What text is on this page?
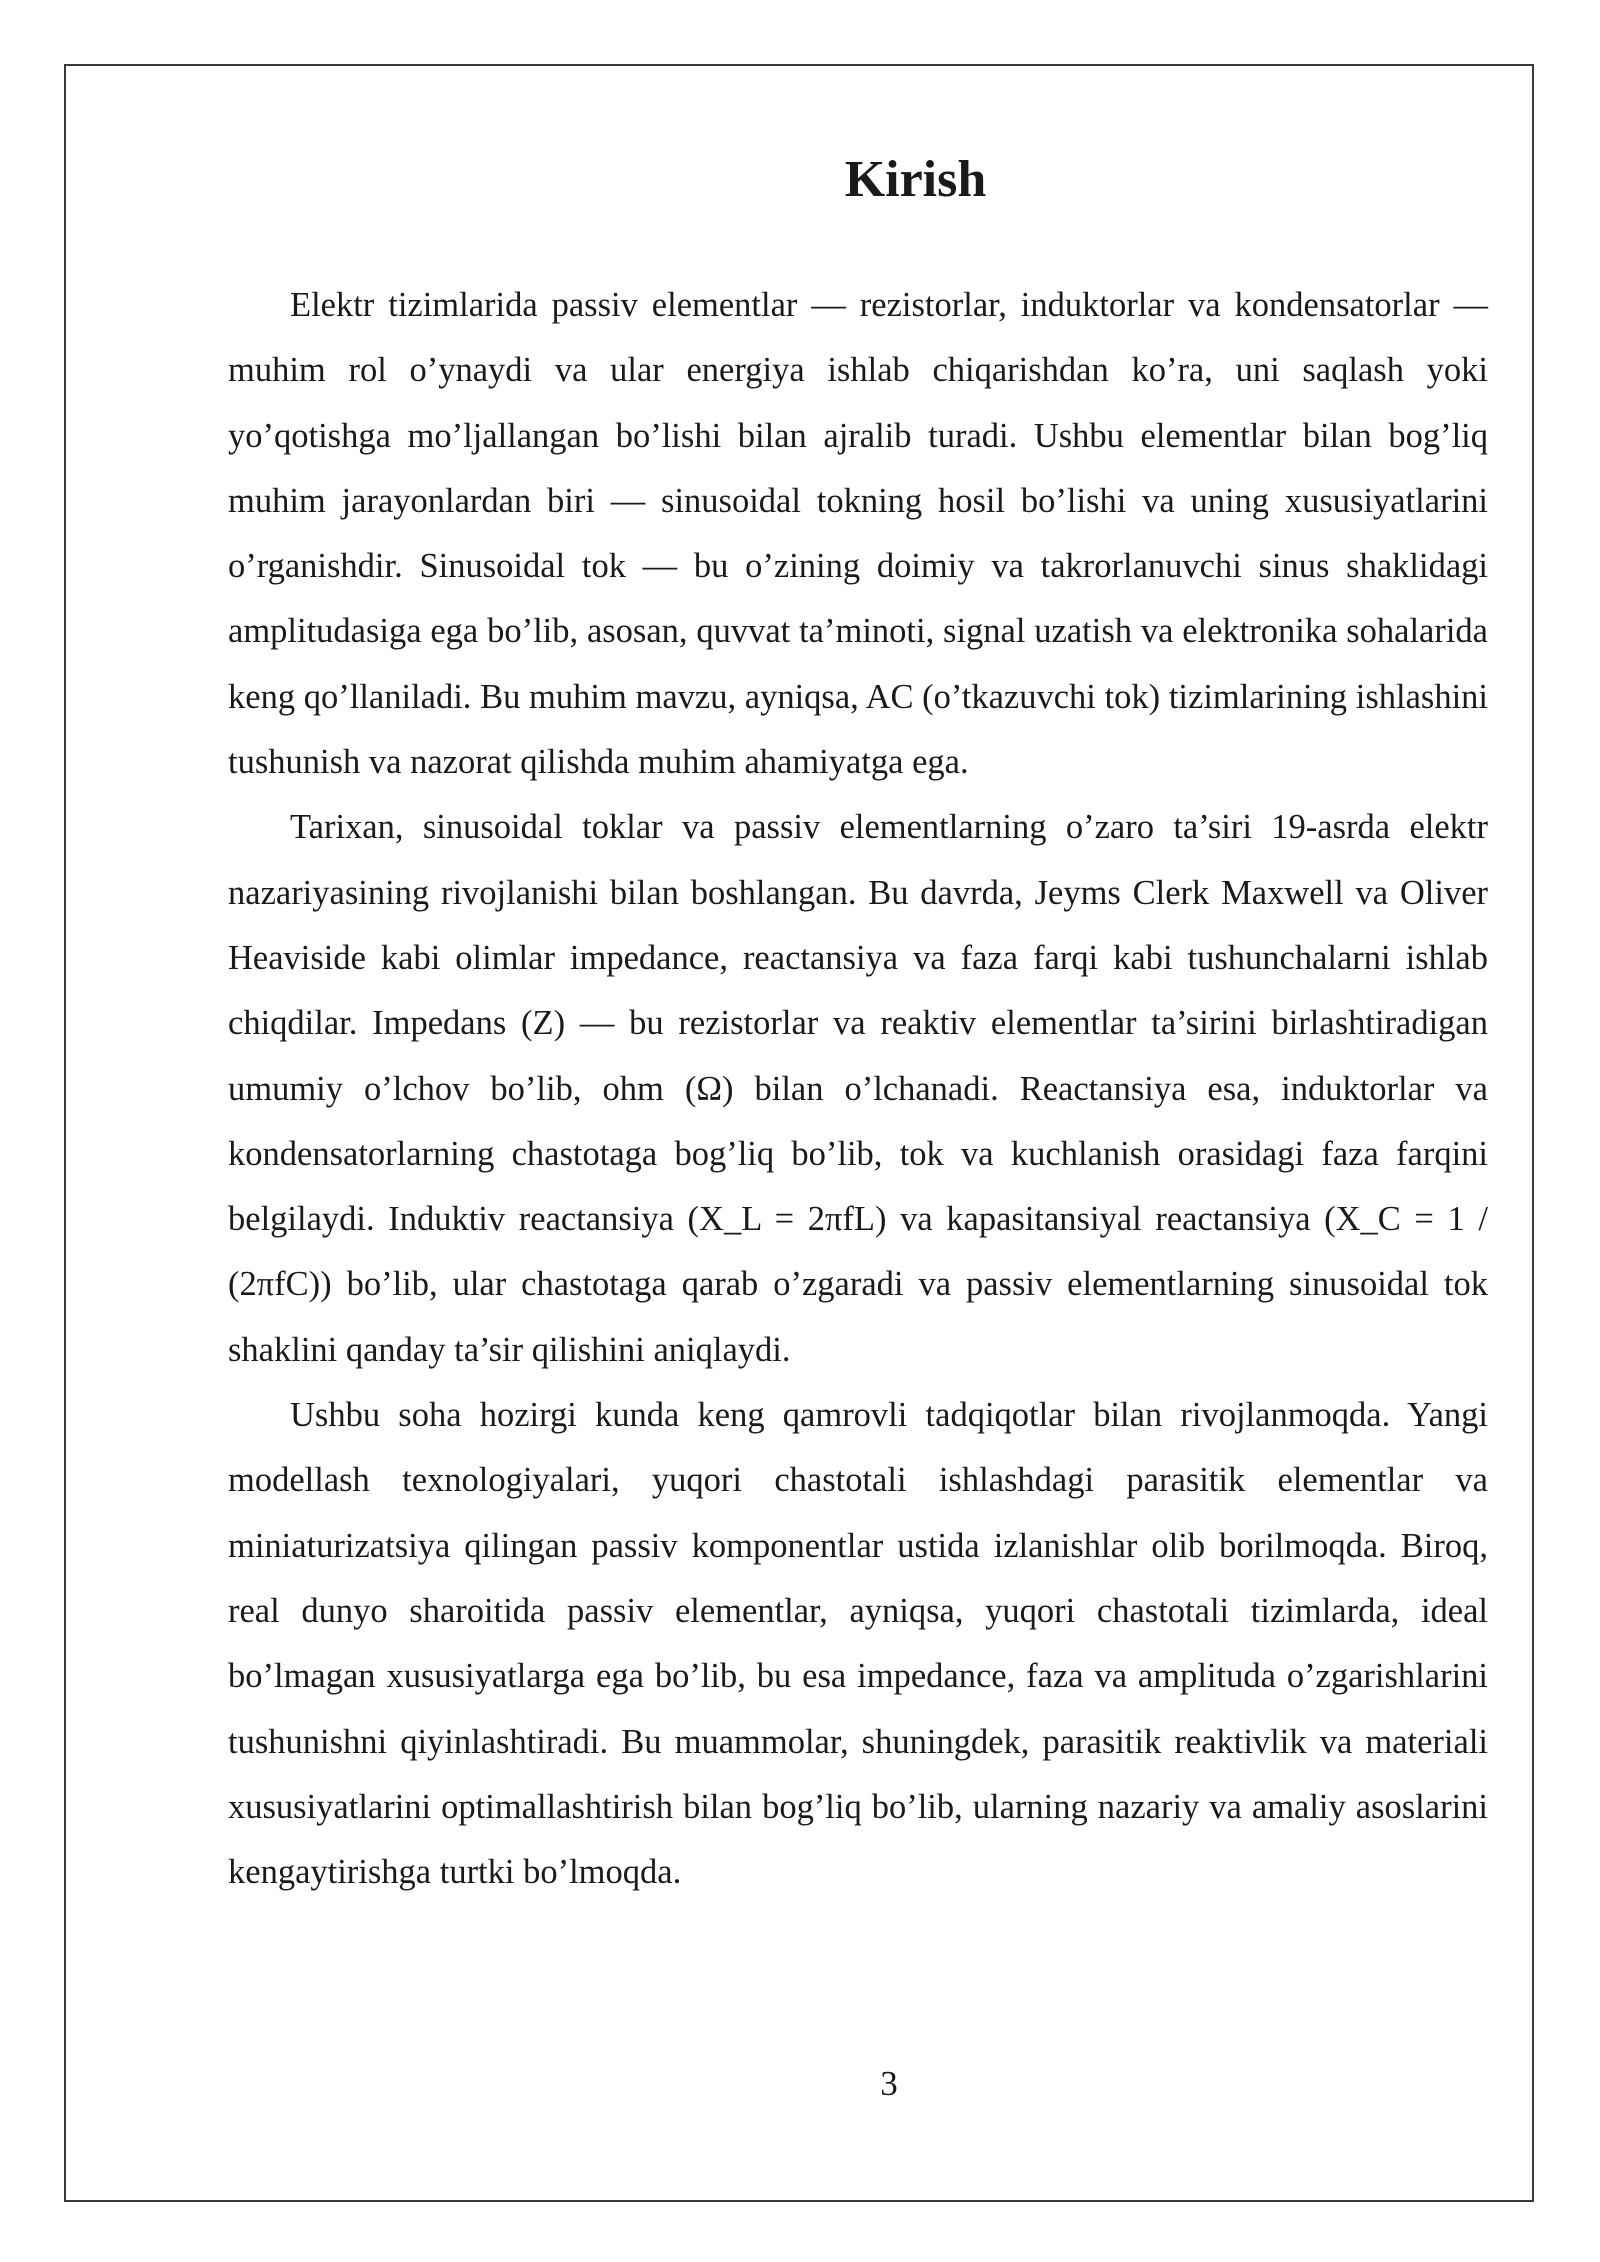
Kirish

Elektr tizimlarida passiv elementlar — rezistorlar, induktorlar va kondensatorlar — muhim rol o’ynaydi va ular energiya ishlab chiqarishdan ko’ra, uni saqlash yoki yo’qotishga mo’ljallangan bo’lishi bilan ajralib turadi. Ushbu elementlar bilan bog’liq muhim jarayonlardan biri — sinusoidal tokning hosil bo’lishi va uning xususiyatlarini o’rganishdir. Sinusoidal tok — bu o’zining doimiy va takrorlanuvchi sinus shaklidagi amplitudasiga ega bo’lib, asosan, quvvat ta’minoti, signal uzatish va elektronika sohalarida keng qo’llaniladi. Bu muhim mavzu, ayniqsa, AC (o’tkazuvchi tok) tizimlarining ishlashini tushunish va nazorat qilishda muhim ahamiyatga ega.

Tarixan, sinusoidal toklar va passiv elementlarning o’zaro ta’siri 19-asrda elektr nazariyasining rivojlanishi bilan boshlangan. Bu davrda, Jeyms Clerk Maxwell va Oliver Heaviside kabi olimlar impedance, reactansiya va faza farqi kabi tushunchalarni ishlab chiqdilar. Impedans (Z) — bu rezistorlar va reaktiv elementlar ta’sirini birlashtiradigan umumiy o’lchov bo’lib, ohm (Ω) bilan o’lchanadi. Reactansiya esa, induktorlar va kondensatorlarning chastotaga bog’liq bo’lib, tok va kuchlanish orasidagi faza farqini belgilaydi. Induktiv reactansiya (X_L = 2πfL) va kapasitansiyal reactansiya (X_C = 1 / (2πfC)) bo’lib, ular chastotaga qarab o’zgaradi va passiv elementlarning sinusoidal tok shaklini qanday ta’sir qilishini aniqlaydi.

Ushbu soha hozirgi kunda keng qamrovli tadqiqotlar bilan rivojlanmoqda. Yangi modellash texnologiyalari, yuqori chastotali ishlashdagi parasitik elementlar va miniaturizatsiya qilingan passiv komponentlar ustida izlanishlar olib borilmoqda. Biroq, real dunyo sharoitida passiv elementlar, ayniqsa, yuqori chastotali tizimlarda, ideal bo’lmagan xususiyatlarga ega bo’lib, bu esa impedance, faza va amplituda o’zgarishlarini tushunishni qiyinlashtiradi. Bu muammolar, shuningdek, parasitik reaktivlik va materiali xususiyatlarini optimallashtirish bilan bog’liq bo’lib, ularning nazariy va amaliy asoslarini kengaytirishga turtki bo’lmoqda.

3
